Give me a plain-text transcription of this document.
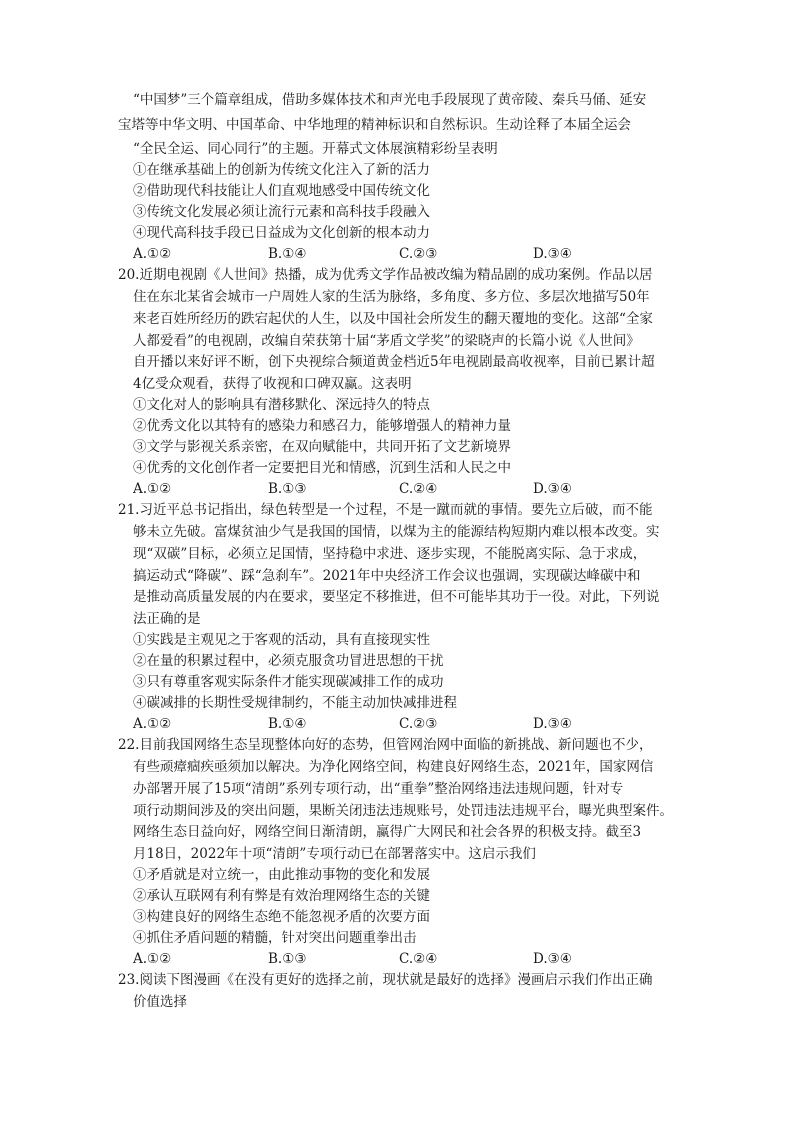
“中国梦”三个篇章组成，借助多媒体技术和声光电手段展现了黄帝陵、秦兵马俑、延安
宝塔等中华文明、中国革命、中华地理的精神标识和自然标识。生动诠释了本届全运会
“全民全运、同心同行”的主题。开幕式文体展演精彩纷呈表明
①在继承基础上的创新为传统文化注入了新的活力
②借助现代科技能让人们直观地感受中国传统文化
③传统文化发展必须让流行元素和高科技手段融入
④现代高科技手段已日益成为文化创新的根本动力
A.①②	B.①④	C.②③	D.③④
20.近期电视剧《人世间》热播，成为优秀文学作品被改编为精品剧的成功案例。作品以居
住在东北某省会城市一户周姓人家的生活为脉络，多角度、多方位、多层次地描写50年
来老百姓所经历的跌宕起伏的人生，以及中国社会所发生的翻天覆地的变化。这部“全家
人都爱看”的电视剧，改编自荣获第十届“茅盾文学奖”的梁晓声的长篇小说《人世间》
自开播以来好评不断，创下央视综合频道黄金档近5年电视剧最高收视率，目前已累计超
4亿受众观看，获得了收视和口碑双赢。这表明
①文化对人的影响具有潜移默化、深远持久的特点
②优秀文化以其特有的感染力和感召力，能够增强人的精神力量
③文学与影视关系亲密，在双向赋能中，共同开拓了文艺新境界
④优秀的文化创作者一定要把目光和情感，沉到生活和人民之中
A.①②	B.①③	C.②④	D.③④
21.习近平总书记指出，绿色转型是一个过程，不是一蹴而就的事情。要先立后破，而不能
够未立先破。富煤贫油少气是我国的国情，以煤为主的能源结构短期内难以根本改变。实
现“双碳”目标，必须立足国情，坚持稳中求进、逐步实现，不能脱离实际、急于求成，
搞运动式“降碳”、踩“急刹车”。2021年中央经济工作会议也强调，实现碳达峰碳中和
是推动高质量发展的内在要求，要坚定不移推进，但不可能毕其功于一役。对此，下列说
法正确的是
①实践是主观见之于客观的活动，具有直接现实性
②在量的积累过程中，必须克服贪功冒进思想的干扰
③只有尊重客观实际条件才能实现碳减排工作的成功
④碳减排的长期性受规律制约，不能主动加快减排进程
A.①②	B.①④	C.②③	D.③④
22.目前我国网络生态呈现整体向好的态势，但管网治网中面临的新挑战、新问题也不少，
有些顽瘴痼疾亟须加以解决。为净化网络空间，构建良好网络生态，2021年，国家网信
办部署开展了15项“清朗”系列专项行动，出“重拳”整治网络违法违规问题，针对专
项行动期间涉及的突出问题，果断关闭违法违规账号，处罚违法违规平台，曝光典型案件。
网络生态日益向好，网络空间日渐清朗，赢得广大网民和社会各界的积极支持。截至3
月18日，2022年十项“清朗”专项行动已在部署落实中。这启示我们
①矛盾就是对立统一，由此推动事物的变化和发展
②承认互联网有利有弊是有效治理网络生态的关键
③构建良好的网络生态绝不能忽视矛盾的次要方面
④抓住矛盾问题的精髓，针对突出问题重拳出击
A.①②	B.①③	C.②④	D.③④
23.阅读下图漫画《在没有更好的选择之前，现状就是最好的选择》漫画启示我们作出正确
价值选择
